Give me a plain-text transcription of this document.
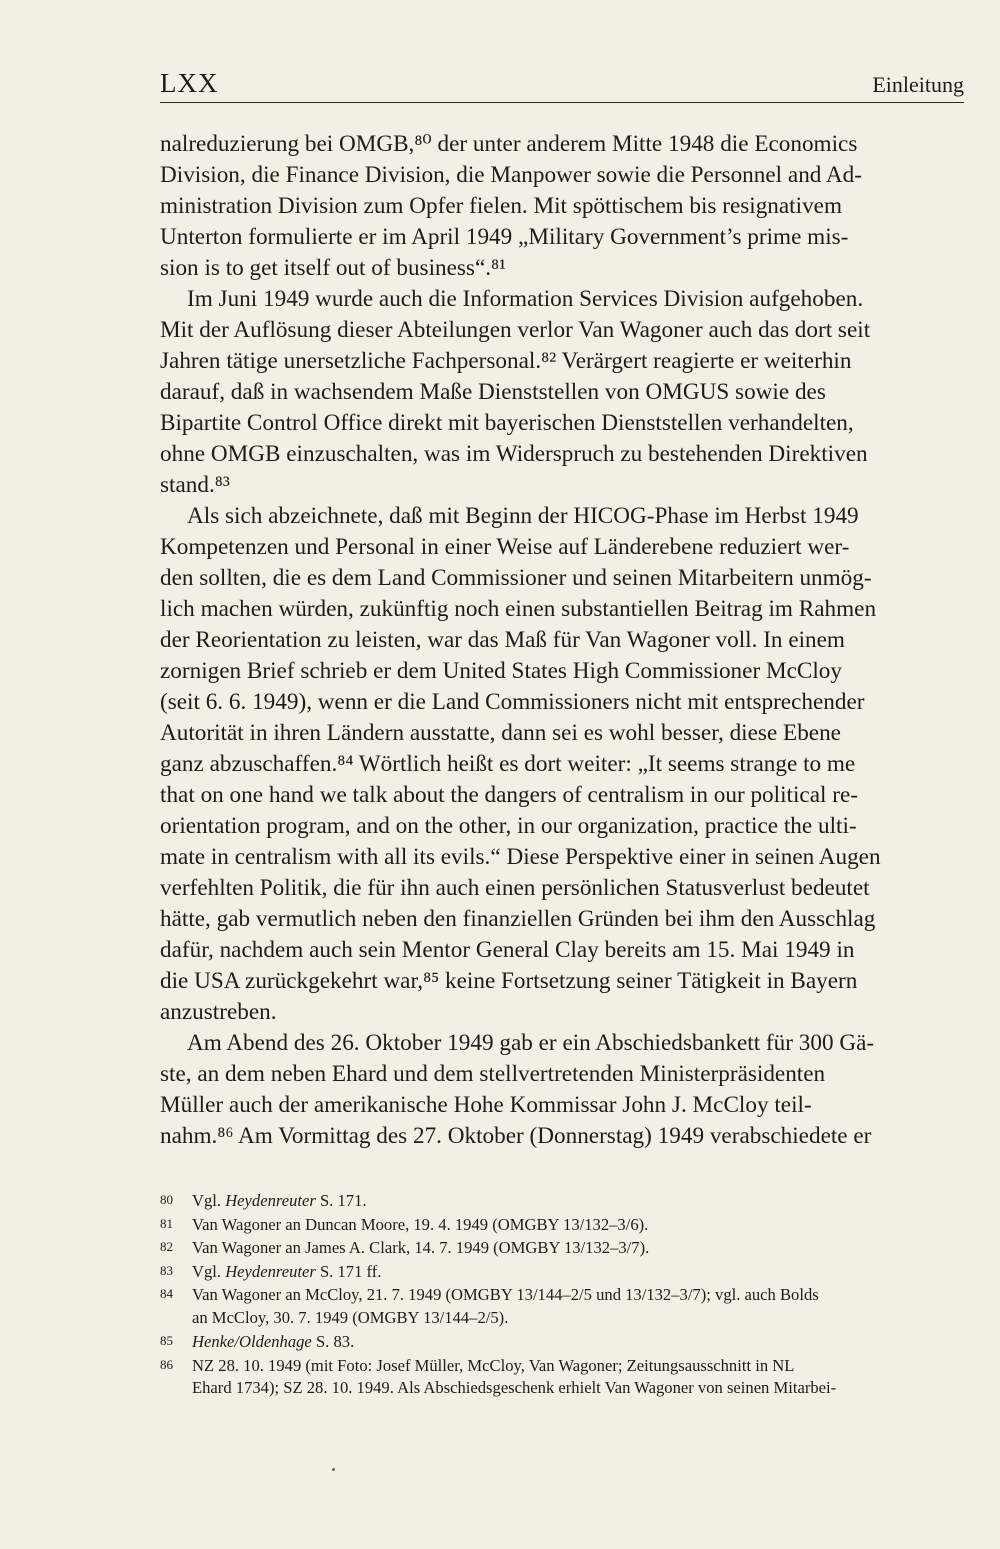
LXX	Einleitung
nalreduzierung bei OMGB,⁸⁰ der unter anderem Mitte 1948 die Economics
Division, die Finance Division, die Manpower sowie die Personnel and Ad-
ministration Division zum Opfer fielen. Mit spöttischem bis resignativem
Unterton formulierte er im April 1949 „Military Government’s prime mis-
sion is to get itself out of business“.⁸¹
Im Juni 1949 wurde auch die Information Services Division aufgehoben.
Mit der Auflösung dieser Abteilungen verlor Van Wagoner auch das dort seit
Jahren tätige unersetzliche Fachpersonal.⁸² Verärgert reagierte er weiterhin
darauf, daß in wachsendem Maße Dienststellen von OMGUS sowie des
Bipartite Control Office direkt mit bayerischen Dienststellen verhandelten,
ohne OMGB einzuschalten, was im Widerspruch zu bestehenden Direktiven
stand.⁸³
Als sich abzeichnete, daß mit Beginn der HICOG-Phase im Herbst 1949
Kompetenzen und Personal in einer Weise auf Länderebene reduziert wer-
den sollten, die es dem Land Commissioner und seinen Mitarbeitern unmög-
lich machen würden, zukünftig noch einen substantiellen Beitrag im Rahmen
der Reorientation zu leisten, war das Maß für Van Wagoner voll. In einem
zornigen Brief schrieb er dem United States High Commissioner McCloy
(seit 6. 6. 1949), wenn er die Land Commissioners nicht mit entsprechender
Autorität in ihren Ländern ausstatte, dann sei es wohl besser, diese Ebene
ganz abzuschaffen.⁸⁴ Wörtlich heißt es dort weiter: „It seems strange to me
that on one hand we talk about the dangers of centralism in our political re-
orientation program, and on the other, in our organization, practice the ulti-
mate in centralism with all its evils.“ Diese Perspektive einer in seinen Augen
verfehlten Politik, die für ihn auch einen persönlichen Statusverlust bedeutet
hätte, gab vermutlich neben den finanziellen Gründen bei ihm den Ausschlag
dafür, nachdem auch sein Mentor General Clay bereits am 15. Mai 1949 in
die USA zurückgekehrt war,⁸⁵ keine Fortsetzung seiner Tätigkeit in Bayern
anzustreben.
Am Abend des 26. Oktober 1949 gab er ein Abschiedsbankett für 300 Gä-
ste, an dem neben Ehard und dem stellvertretenden Ministerpräsidenten
Müller auch der amerikanische Hohe Kommissar John J. McCloy teil-
nahm.⁸⁶ Am Vormittag des 27. Oktober (Donnerstag) 1949 verabschiedete er
80 Vgl. Heydenreuter S. 171.
81 Van Wagoner an Duncan Moore, 19. 4. 1949 (OMGBY 13/132–3/6).
82 Van Wagoner an James A. Clark, 14. 7. 1949 (OMGBY 13/132–3/7).
83 Vgl. Heydenreuter S. 171 ff.
84 Van Wagoner an McCloy, 21. 7. 1949 (OMGBY 13/144–2/5 und 13/132–3/7); vgl. auch Bolds
an McCloy, 30. 7. 1949 (OMGBY 13/144–2/5).
85 Henke/Oldenhage S. 83.
86 NZ 28. 10. 1949 (mit Foto: Josef Müller, McCloy, Van Wagoner; Zeitungsausschnitt in NL
Ehard 1734); SZ 28. 10. 1949. Als Abschiedsgeschenk erhielt Van Wagoner von seinen Mitarbei-
